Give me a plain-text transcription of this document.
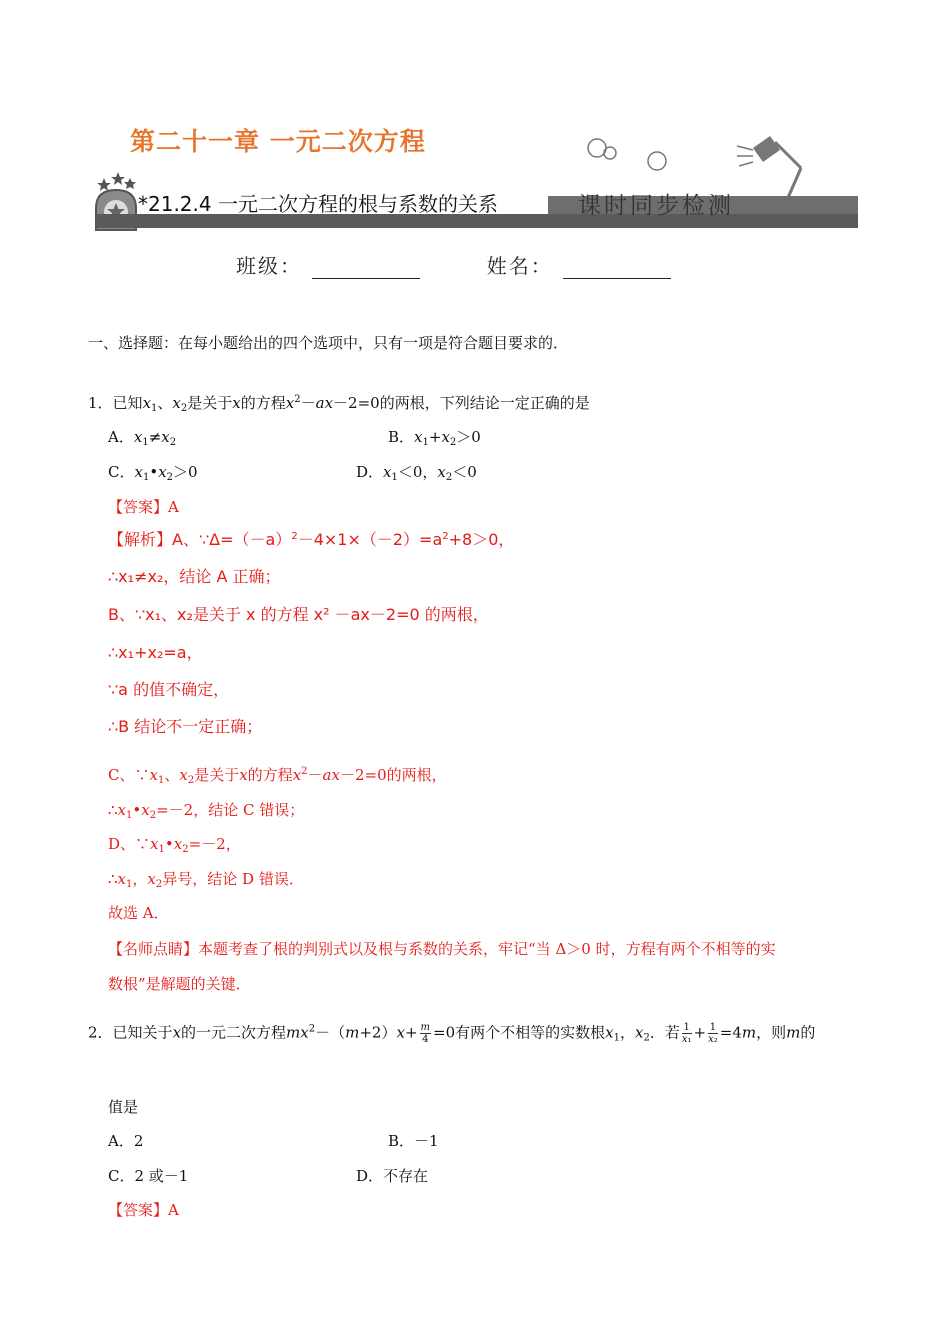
第二十一章 一元二次方程
*21.2.4 一元二次方程的根与系数的关系	课时同步检测
班级：	姓名：
一、选择题：在每小题给出的四个选项中，只有一项是符合题目要求的．
1．已知$x_1$、$x_2$是关于x的方程$x^2-ax-2=0$的两根，下列结论一定正确的是
A．$x_1\ne x_2$	B．$x_1+x_2>0$
C．$x_1•x_2>0$	D．$x_1<0$，$x_2<0$
【答案】A
【解析】A、$\because\Delta=(-a)^2-4\times 1\times(-2)=a^2+8>0$，
∴x₁≠x₂，结论 A 正确；
B、∵x₁、x₂是关于 x 的方程 x² －ax－2=0 的两根，
∴x₁+x₂=a，
∵a 的值不确定，
∴B 结论不一定正确；
C、$\because x_1$、$x_2$是关于x的方程$x^2-ax-2=0$的两根，
$\therefore x_1•x_2=-2$，结论 C 错误；
D、$\because x_1•x_2=-2$，
$\therefore x_1$，$x_2$异号，结论 D 错误．
故选 A．
【名师点睛】本题考查了根的判别式以及根与系数的关系，牢记“当 Δ＞0 时，方程有两个不相等的实
数根”是解题的关键．
2．已知关于x的一元二次方程$mx^2-(m+2)x+ \frac{m}{4} =0$有两个不相等的实数根$x_1$，$x_2$．若 $\frac{1}{\text{x₁}} + \frac{1}{\text{x₂}} =4m$，则m的
值是
A．2	B．－1
C．2 或－1	D．不存在
【答案】A
